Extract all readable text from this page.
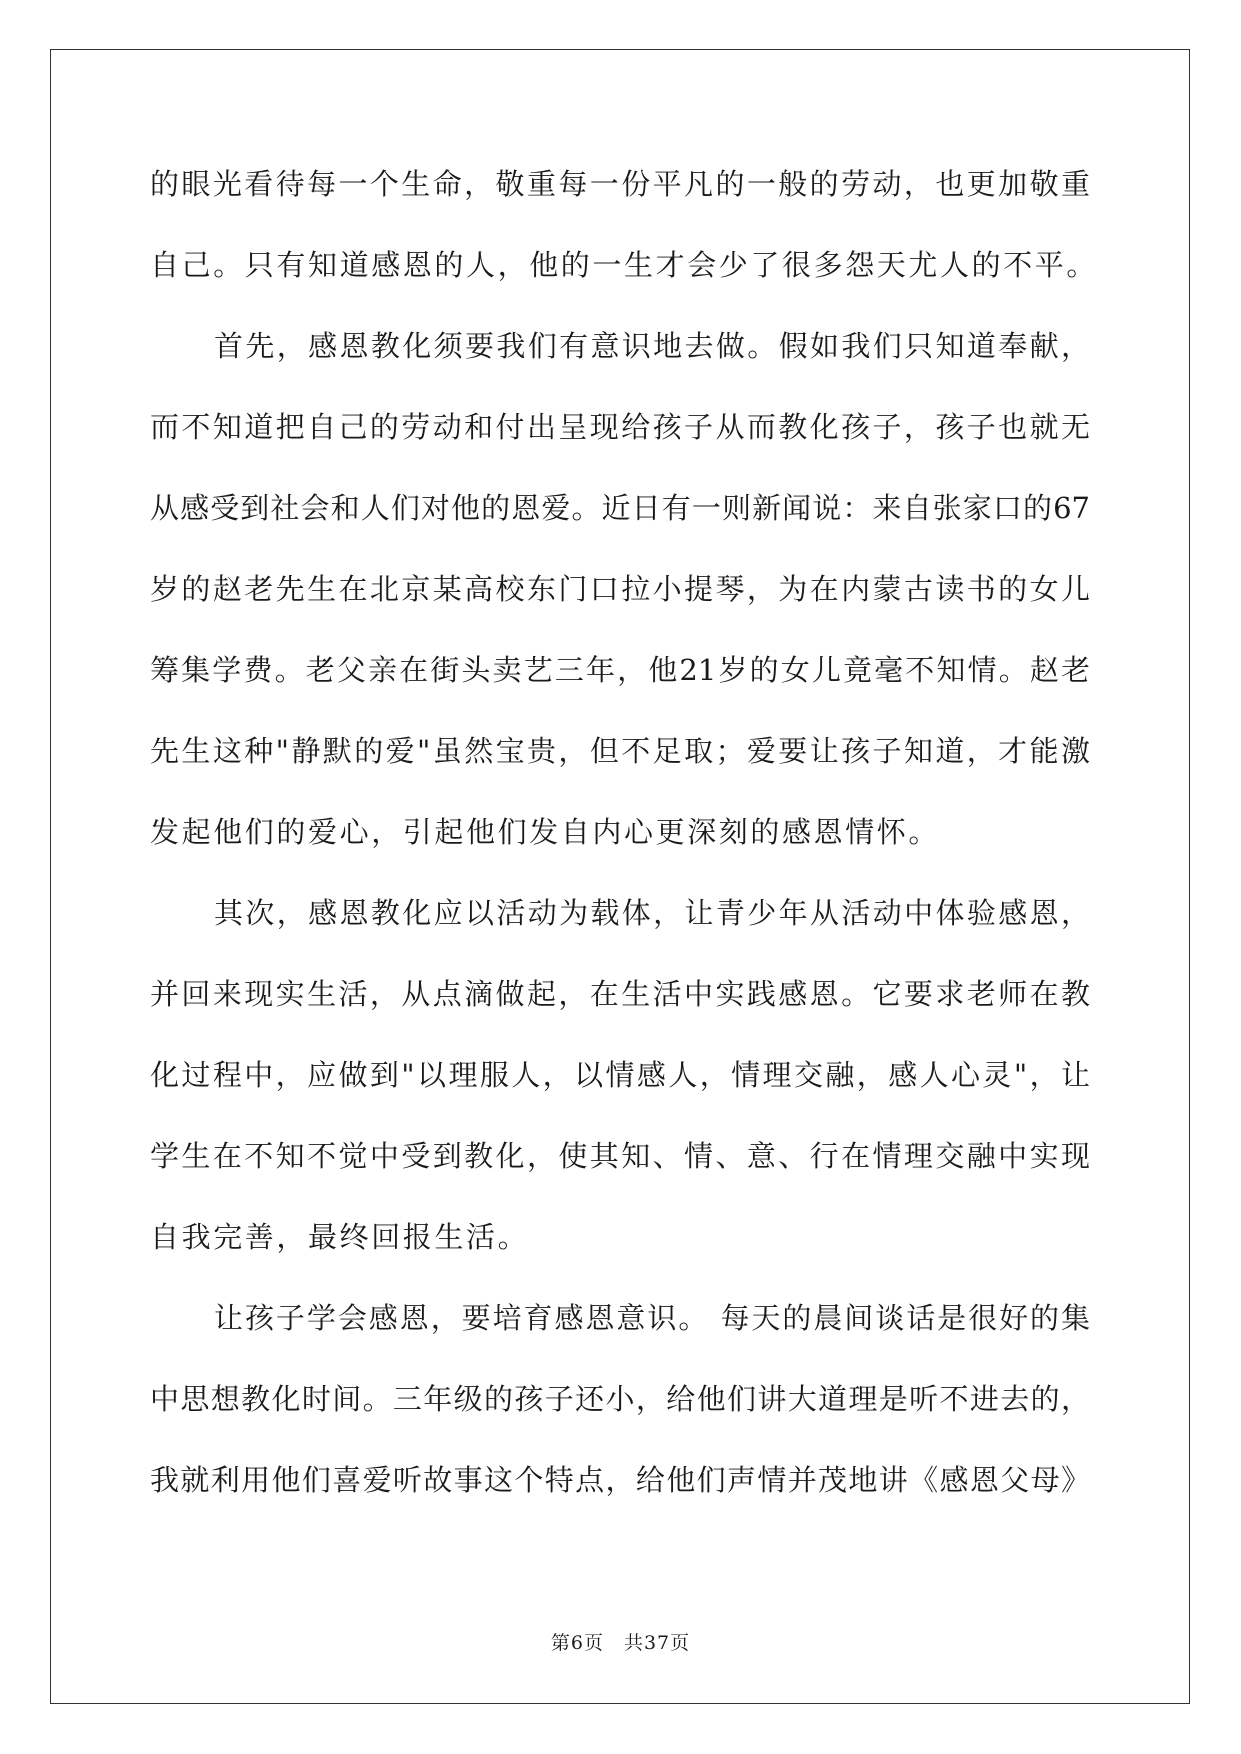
的眼光看待每一个生命，敬重每一份平凡的一般的劳动，也更加敬重
自己。只有知道感恩的人，他的一生才会少了很多怨天尤人的不平。
首先，感恩教化须要我们有意识地去做。假如我们只知道奉献，
而不知道把自己的劳动和付出呈现给孩子从而教化孩子，孩子也就无
从感受到社会和人们对他的恩爱。近日有一则新闻说：来自张家口的67
岁的赵老先生在北京某高校东门口拉小提琴，为在内蒙古读书的女儿
筹集学费。老父亲在街头卖艺三年，他21岁的女儿竟毫不知情。赵老
先生这种"静默的爱"虽然宝贵，但不足取；爱要让孩子知道，才能激
发起他们的爱心，引起他们发自内心更深刻的感恩情怀。
其次，感恩教化应以活动为载体，让青少年从活动中体验感恩，
并回来现实生活，从点滴做起，在生活中实践感恩。它要求老师在教
化过程中，应做到"以理服人，以情感人，情理交融，感人心灵"，让
学生在不知不觉中受到教化，使其知、情、意、行在情理交融中实现
自我完善，最终回报生活。
让孩子学会感恩，要培育感恩意识。 每天的晨间谈话是很好的集
中思想教化时间。三年级的孩子还小，给他们讲大道理是听不进去的，
我就利用他们喜爱听故事这个特点，给他们声情并茂地讲《感恩父母》
第6页　共37页
